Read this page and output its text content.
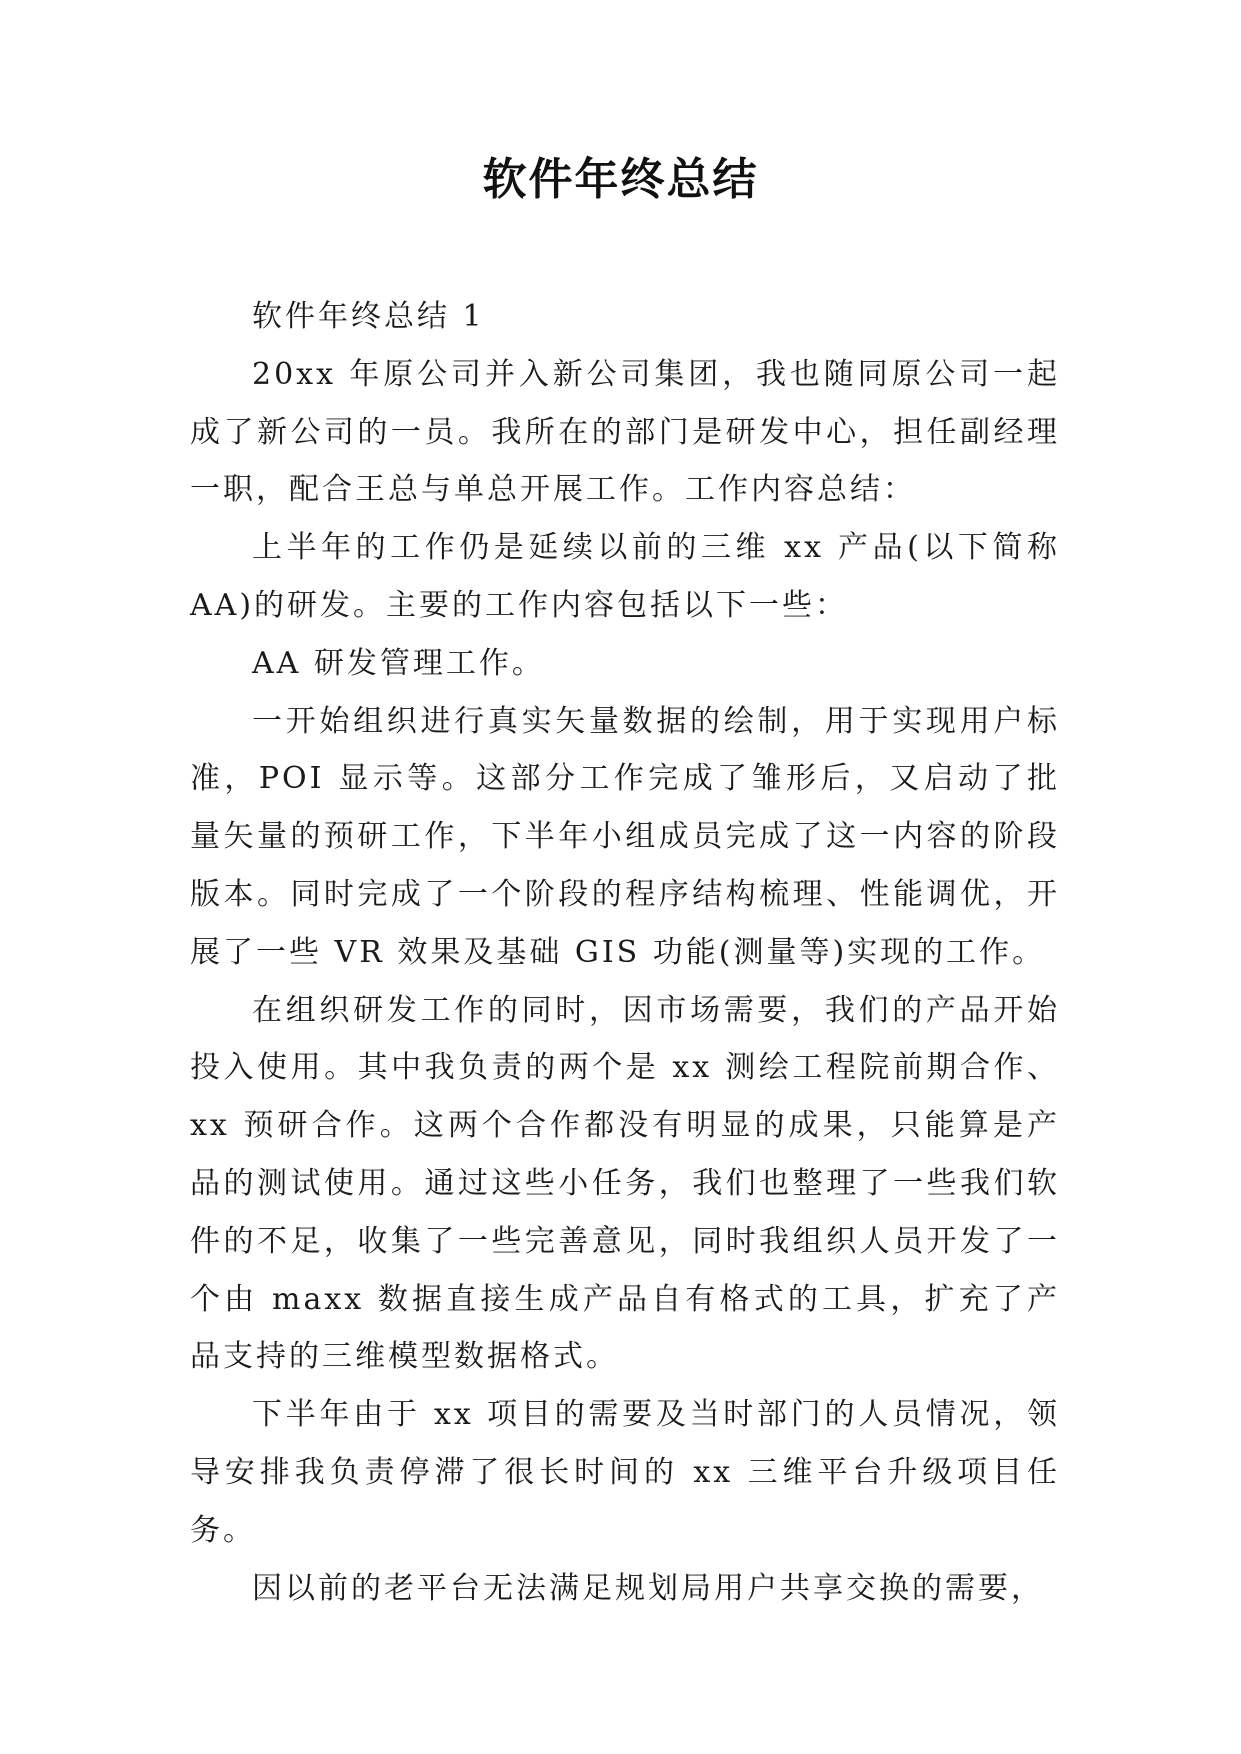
软件年终总结

软件年终总结 1

20xx 年原公司并入新公司集团，我也随同原公司一起成了新公司的一员。我所在的部门是研发中心，担任副经理一职，配合王总与单总开展工作。工作内容总结：

上半年的工作仍是延续以前的三维 xx 产品(以下简称 AA)的研发。主要的工作内容包括以下一些：

AA 研发管理工作。

一开始组织进行真实矢量数据的绘制，用于实现用户标准，POI 显示等。这部分工作完成了雏形后，又启动了批量矢量的预研工作，下半年小组成员完成了这一内容的阶段版本。同时完成了一个阶段的程序结构梳理、性能调优，开展了一些 VR 效果及基础 GIS 功能(测量等)实现的工作。

在组织研发工作的同时，因市场需要，我们的产品开始投入使用。其中我负责的两个是 xx 测绘工程院前期合作、xx 预研合作。这两个合作都没有明显的成果，只能算是产品的测试使用。通过这些小任务，我们也整理了一些我们软件的不足，收集了一些完善意见，同时我组织人员开发了一个由 maxx 数据直接生成产品自有格式的工具，扩充了产品支持的三维模型数据格式。

下半年由于 xx 项目的需要及当时部门的人员情况，领导安排我负责停滞了很长时间的 xx 三维平台升级项目任务。

因以前的老平台无法满足规划局用户共享交换的需要，
